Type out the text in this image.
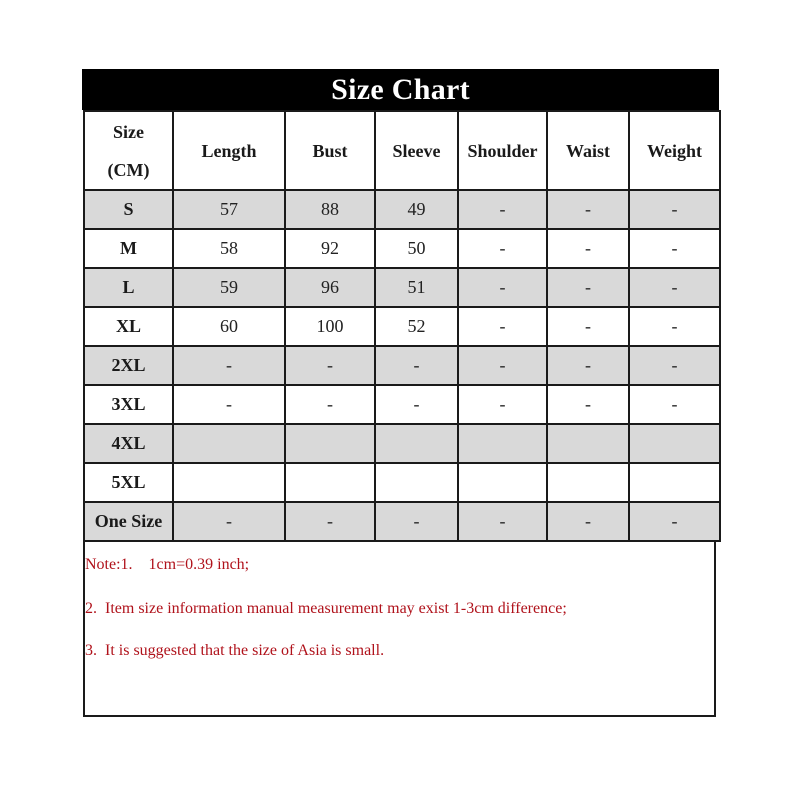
Size Chart
Size
(CM)	Length	Bust	Sleeve	Shoulder	Waist	Weight
S	57	88	49	-	-	-
M	58	92	50	-	-	-
L	59	96	51	-	-	-
XL	60	100	52	-	-	-
2XL	-	-	-	-	-	-
3XL	-	-	-	-	-	-
4XL						
5XL						
One Size	-	-	-	-	-	-
Note:1.    1cm=0.39 inch;
2.  Item size information manual measurement may exist 1-3cm difference;
3.  It is suggested that the size of Asia is small.
